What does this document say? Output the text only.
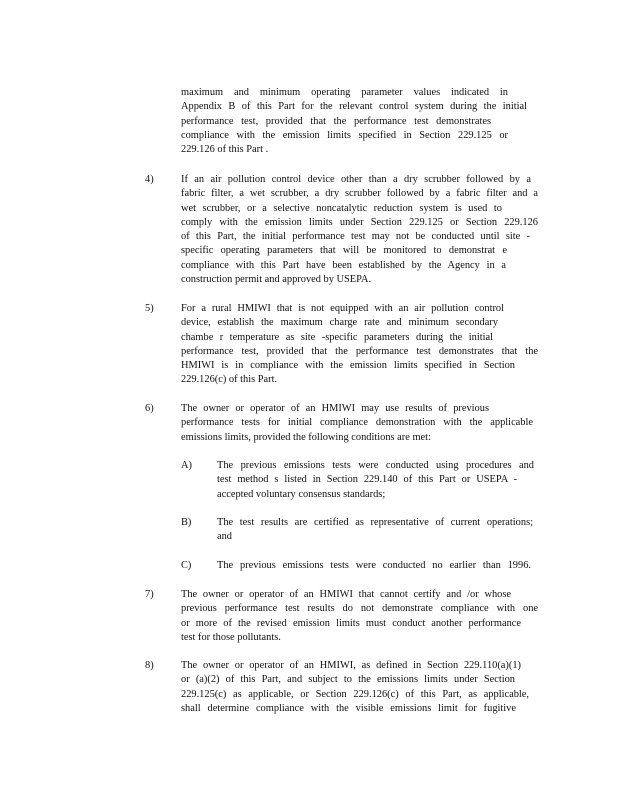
maximum and minimum operating parameter values indicated in
Appendix B of this Part for the relevant control system during the initial
performance test, provided that the performance test demonstrates
compliance with the emission limits specified in Section 229.125 or
229.126 of this Part .
4)	If an air pollution control device other than a dry scrubber followed by a
fabric filter, a wet scrubber, a dry scrubber followed by a fabric filter and a
wet scrubber, or a selective noncatalytic reduction system is used to
comply with the emission limits under Section 229.125 or Section 229.126
of this Part, the initial performance test may not be conducted until site -
specific operating parameters that will be monitored to demonstrat e
compliance with this Part have been established by the Agency in a
construction permit and approved by USEPA.
5)	For a rural HMIWI that is not equipped with an air pollution control
device, establish the maximum charge rate and minimum secondary
chambe r temperature as site -specific parameters during the initial
performance test, provided that the performance test demonstrates that the
HMIWI is in compliance with the emission limits specified in Section
229.126(c) of this Part.
6)	The owner or operator of an HMIWI may use results of previous
performance tests for initial compliance demonstration with the applicable
emissions limits, provided the following conditions are met:
A) The previous emissions tests were conducted using procedures and
test method s listed in Section 229.140 of this Part or USEPA -
accepted voluntary consensus standards;
B) The test results are certified as representative of current operations;
and
C) The previous emissions tests were conducted no earlier than 1996.
7)	The owner or operator of an HMIWI that cannot certify and /or whose
previous performance test results do not demonstrate compliance with one
or more of the revised emission limits must conduct another performance
test for those pollutants.
8)	The owner or operator of an HMIWI, as defined in Section 229.110(a)(1)
or (a)(2) of this Part, and subject to the emissions limits under Section
229.125(c) as applicable, or Section 229.126(c) of this Part, as applicable,
shall determine compliance with the visible emissions limit for fugitive
